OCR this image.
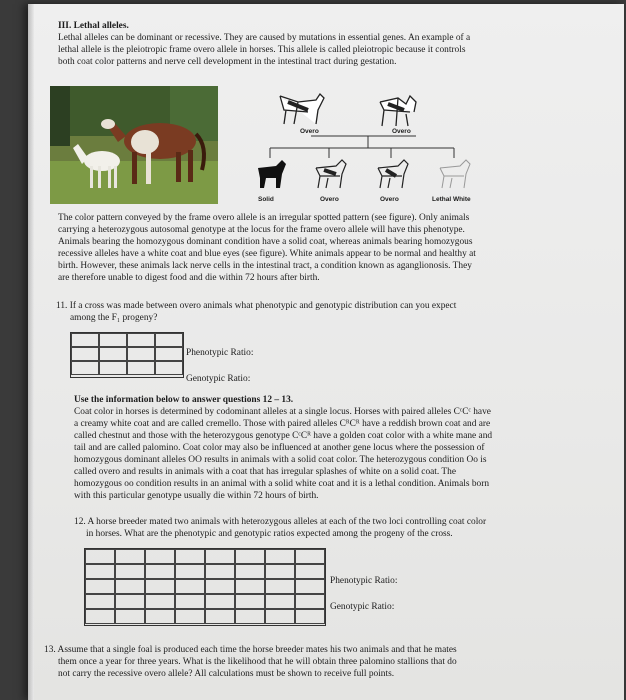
III. Lethal alleles.
Lethal alleles can be dominant or recessive. They are caused by mutations in essential genes. An example of a
lethal allele is the pleiotropic frame overo allele in horses. This allele is called pleiotropic because it controls
both coat color patterns and nerve cell development in the intestinal tract during gestation.
Overo	Overo
Solid	Overo	Overo	Lethal White
The color pattern conveyed by the frame overo allele is an irregular spotted pattern (see figure). Only animals
carrying a heterozygous autosomal genotype at the locus for the frame overo allele will have this phenotype.
Animals bearing the homozygous dominant condition have a solid coat, whereas animals bearing homozygous
recessive alleles have a white coat and blue eyes (see figure). White animals appear to be normal and healthy at
birth. However, these animals lack nerve cells in the intestinal tract, a condition known as aganglionosis. They
are therefore unable to digest food and die within 72 hours after birth.
11. If a cross was made between overo animals what phenotypic and genotypic distribution can you expect
among the F₁ progeny?
Phenotypic Ratio:
Genotypic Ratio:
Use the information below to answer questions 12 – 13.
Coat color in horses is determined by codominant alleles at a single locus. Horses with paired alleles CᶜCᶜ have
a creamy white coat and are called cremello. Those with paired alleles CᴿCᴿ have a reddish brown coat and are
called chestnut and those with the heterozygous genotype CᶜCᴿ have a golden coat color with a white mane and
tail and are called palomino. Coat color may also be influenced at another gene locus where the possession of
homozygous dominant alleles OO results in animals with a solid coat color. The heterozygous condition Oo is
called overo and results in animals with a coat that has irregular splashes of white on a solid coat. The
homozygous oo condition results in an animal with a solid white coat and it is a lethal condition. Animals born
with this particular genotype usually die within 72 hours of birth.
12. A horse breeder mated two animals with heterozygous alleles at each of the two loci controlling coat color
in horses. What are the phenotypic and genotypic ratios expected among the progeny of the cross.
Phenotypic Ratio:
Genotypic Ratio:
13. Assume that a single foal is produced each time the horse breeder mates his two animals and that he mates
them once a year for three years. What is the likelihood that he will obtain three palomino stallions that do
not carry the recessive overo allele? All calculations must be shown to receive full points.
